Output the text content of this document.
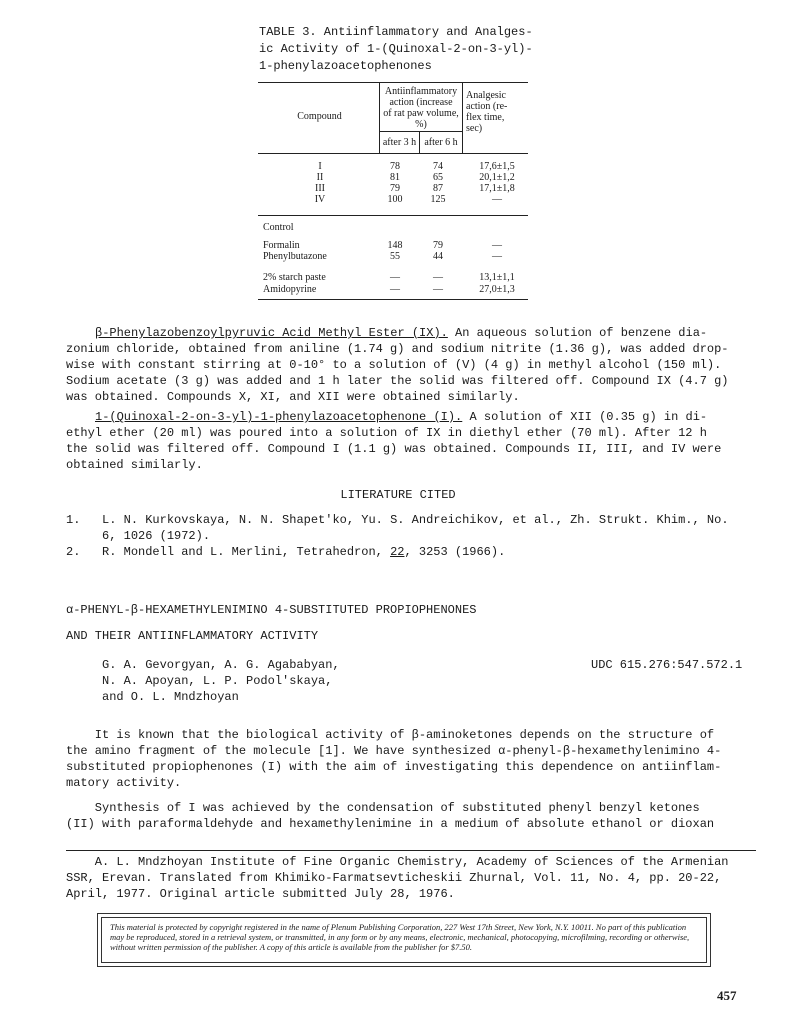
TABLE 3. Antiinflammatory and Analges-
ic Activity of 1-(Quinoxal-2-on-3-yl)-
1-phenylazoacetophenones
Compound
Antiinflammatory
action (increase
of rat paw volume,
%)
Analgesic
action (re-
flex time,
sec)
after 3 h after 6 h
I	78	74	17,6±1,5
II	81	65	20,1±1,2
III	79	87	17,1±1,8
IV	100	125	—
Control
Formalin	148	79	—
Phenylbutazone	55	44	—
2% starch paste	—	—	13,1±1,1
Amidopyrine	—	—	27,0±1,3
β-Phenylazobenzoylpyruvic Acid Methyl Ester (IX). An aqueous solution of benzene dia-
zonium chloride, obtained from aniline (1.74 g) and sodium nitrite (1.36 g), was added drop-
wise with constant stirring at 0-10° to a solution of (V) (4 g) in methyl alcohol (150 ml).
Sodium acetate (3 g) was added and 1 h later the solid was filtered off. Compound IX (4.7 g)
was obtained. Compounds X, XI, and XII were obtained similarly.
1-(Quinoxal-2-on-3-yl)-1-phenylazoacetophenone (I). A solution of XII (0.35 g) in di-
ethyl ether (20 ml) was poured into a solution of IX in diethyl ether (70 ml). After 12 h
the solid was filtered off. Compound I (1.1 g) was obtained. Compounds II, III, and IV were
obtained similarly.
LITERATURE CITED
1. L. N. Kurkovskaya, N. N. Shapet'ko, Yu. S. Andreichikov, et al., Zh. Strukt. Khim., No.
6, 1026 (1972).
2. R. Mondell and L. Merlini, Tetrahedron, 22, 3253 (1966).
α-PHENYL-β-HEXAMETHYLENIMINO 4-SUBSTITUTED PROPIOPHENONES
AND THEIR ANTIINFLAMMATORY ACTIVITY
G. A. Gevorgyan, A. G. Agababyan,
N. A. Apoyan, L. P. Podol'skaya,
and O. L. Mndzhoyan
UDC 615.276:547.572.1
It is known that the biological activity of β-aminoketones depends on the structure of
the amino fragment of the molecule [1]. We have synthesized α-phenyl-β-hexamethylenimino 4-
substituted propiophenones (I) with the aim of investigating this dependence on antiinflam-
matory activity.
Synthesis of I was achieved by the condensation of substituted phenyl benzyl ketones
(II) with paraformaldehyde and hexamethylenimine in a medium of absolute ethanol or dioxan
A. L. Mndzhoyan Institute of Fine Organic Chemistry, Academy of Sciences of the Armenian
SSR, Erevan. Translated from Khimiko-Farmatsevticheskii Zhurnal, Vol. 11, No. 4, pp. 20-22,
April, 1977. Original article submitted July 28, 1976.
This material is protected by copyright registered in the name of Plenum Publishing Corporation, 227 West 17th Street, New York, N.Y. 10011. No part of this publication may be reproduced, stored in a retrieval system, or transmitted, in any form or by any means, electronic, mechanical, photocopying, microfilming, recording or otherwise, without written permission of the publisher. A copy of this article is available from the publisher for $7.50.
457
